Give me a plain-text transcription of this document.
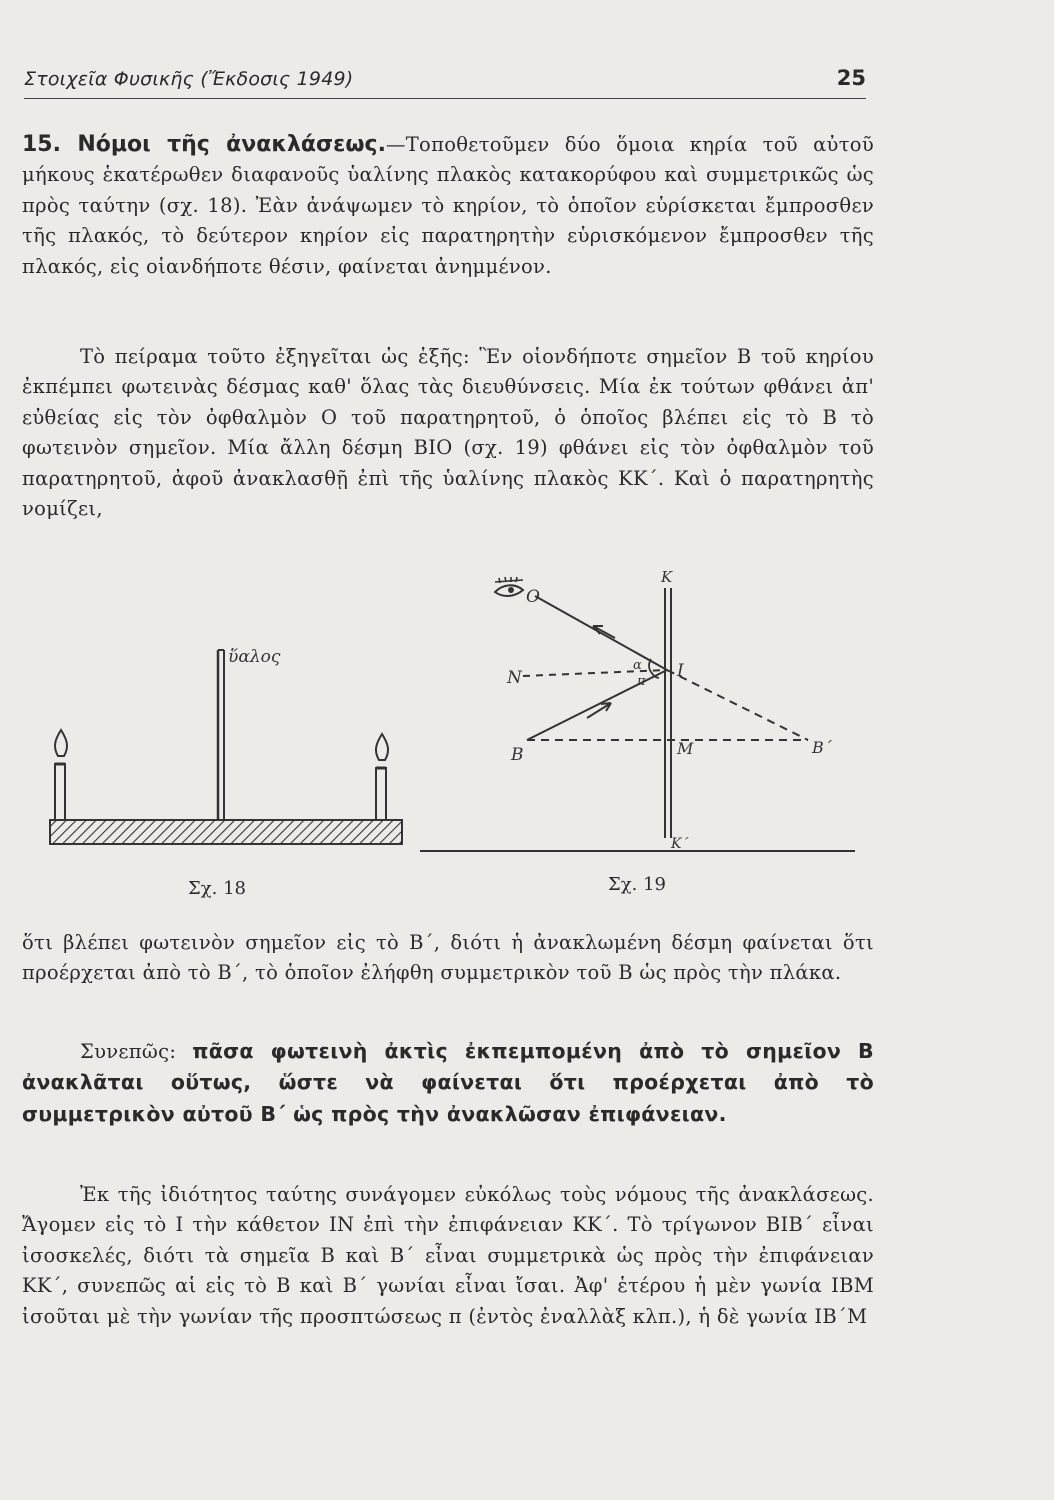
Στοιχεῖα Φυσικῆς (Ἔκδοσις 1949)	25

15. Νόμοι τῆς ἀνακλάσεως.—Τοποθετοῦμεν δύο ὅμοια κηρία τοῦ αὐτοῦ μήκους ἑκατέρωθεν διαφανοῦς ὑαλίνης πλακὸς κατακορύφου καὶ συμμετρικῶς ὡς πρὸς ταύτην (σχ. 18). Ἐὰν ἀνάψωμεν τὸ κηρίον, τὸ ὁποῖον εὑρίσκεται ἔμπροσθεν τῆς πλακός, τὸ δεύτερον κηρίον εἰς παρατηρητὴν εὑρισκόμενον ἔμπροσθεν τῆς πλακός, εἰς οἱανδήποτε θέσιν, φαίνεται ἀνημμένον.

Τὸ πείραμα τοῦτο ἐξηγεῖται ὡς ἑξῆς: Ἓν οἱονδήποτε σημεῖον Β τοῦ κηρίου ἐκπέμπει φωτεινὰς δέσμας καθ' ὅλας τὰς διευθύνσεις. Μία ἐκ τούτων φθάνει ἀπ' εὐθείας εἰς τὸν ὀφθαλμὸν Ο τοῦ παρατηρητοῦ, ὁ ὁποῖος βλέπει εἰς τὸ Β τὸ φωτεινὸν σημεῖον. Μία ἄλλη δέσμη ΒΙΟ (σχ. 19) φθάνει εἰς τὸν ὀφθαλμὸν τοῦ παρατηρητοῦ, ἀφοῦ ἀνακλασθῇ ἐπὶ τῆς ὑαλίνης πλακὸς ΚΚ΄. Καὶ ὁ παρατηρητὴς νομίζει,

ὕαλος
Σχ. 18
Κ
Ο
Ν	Ι
α
π
Β	Μ	Β΄
Κ΄
Σχ. 19

ὅτι βλέπει φωτεινὸν σημεῖον εἰς τὸ Β΄, διότι ἡ ἀνακλωμένη δέσμη φαίνεται ὅτι προέρχεται ἀπὸ τὸ Β΄, τὸ ὁποῖον ἐλήφθη συμμετρικὸν τοῦ Β ὡς πρὸς τὴν πλάκα.

Συνεπῶς: πᾶσα φωτεινὴ ἀκτὶς ἐκπεμπομένη ἀπὸ τὸ σημεῖον Β ἀνακλᾶται οὕτως, ὥστε νὰ φαίνεται ὅτι προέρχεται ἀπὸ τὸ συμμετρικὸν αὐτοῦ Β΄ ὡς πρὸς τὴν ἀνακλῶσαν ἐπιφάνειαν.

Ἐκ τῆς ἰδιότητος ταύτης συνάγομεν εὐκόλως τοὺς νόμους τῆς ἀνακλάσεως. Ἄγομεν εἰς τὸ Ι τὴν κάθετον ΙΝ ἐπὶ τὴν ἐπιφάνειαν ΚΚ΄. Τὸ τρίγωνον ΒΙΒ΄ εἶναι ἰσοσκελές, διότι τὰ σημεῖα Β καὶ Β΄ εἶναι συμμετρικὰ ὡς πρὸς τὴν ἐπιφάνειαν ΚΚ΄, συνεπῶς αἱ εἰς τὸ Β καὶ Β΄ γωνίαι εἶναι ἴσαι. Ἀφ' ἑτέρου ἡ μὲν γωνία ΙΒΜ ἰσοῦται μὲ τὴν γωνίαν τῆς προσπτώσεως π (ἐντὸς ἐναλλὰξ κλπ.), ἡ δὲ γωνία ΙΒ΄Μ
